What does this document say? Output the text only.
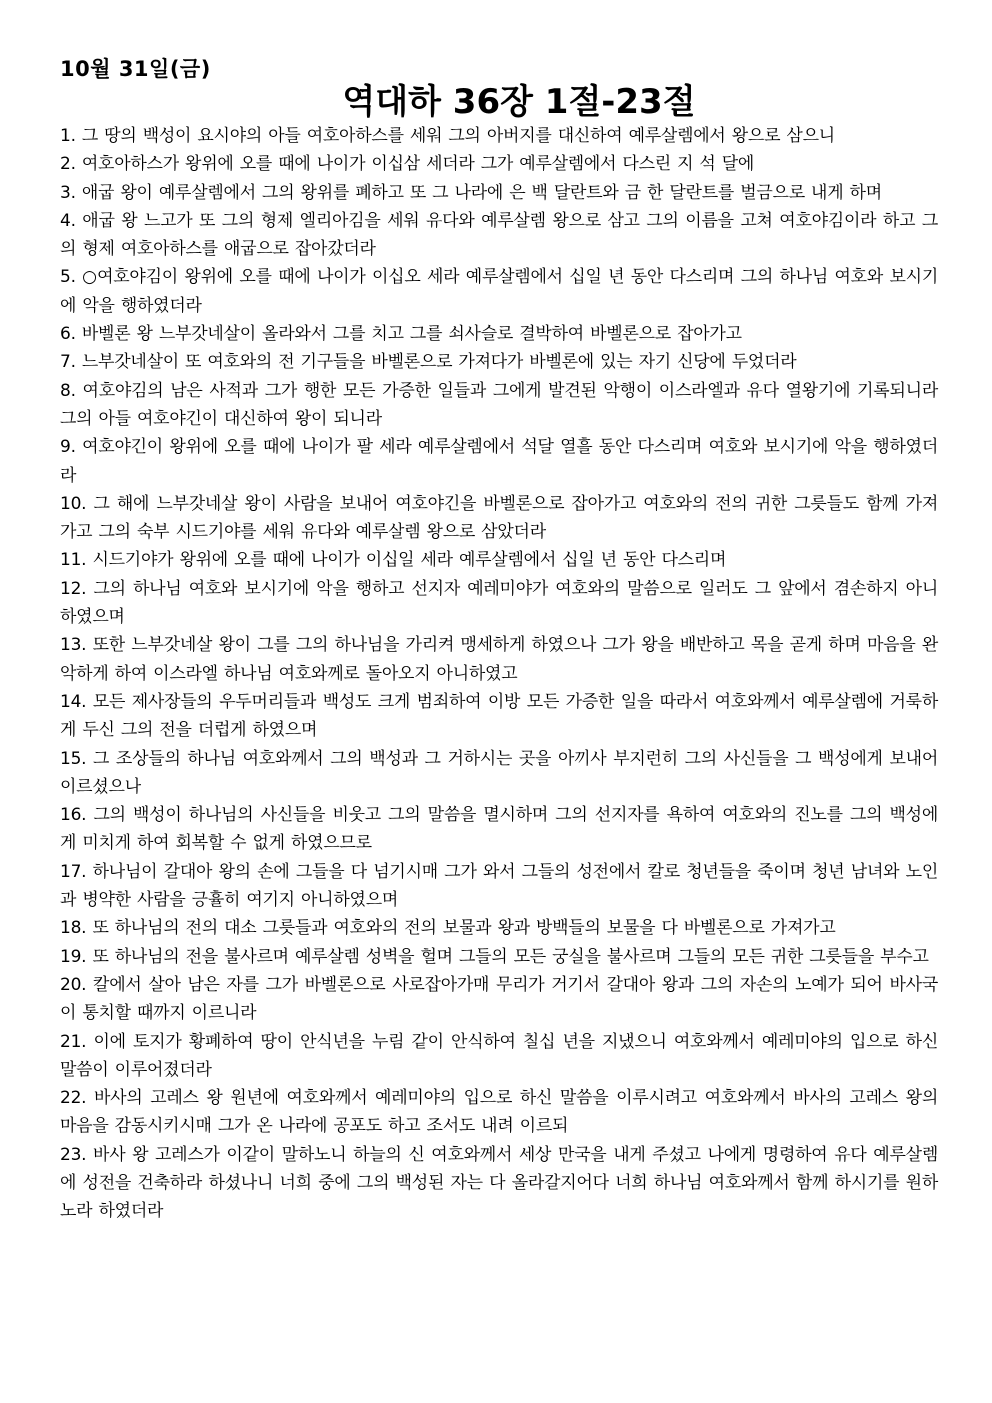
10월 31일(금)
역대하 36장 1절-23절
1. 그 땅의 백성이 요시야의 아들 여호아하스를 세워 그의 아버지를 대신하여 예루살렘에서 왕으로 삼으니
2. 여호아하스가 왕위에 오를 때에 나이가 이십삼 세더라 그가 예루살렘에서 다스린 지 석 달에
3. 애굽 왕이 예루살렘에서 그의 왕위를 폐하고 또 그 나라에 은 백 달란트와 금 한 달란트를 벌금으로 내게 하며
4. 애굽 왕 느고가 또 그의 형제 엘리아김을 세워 유다와 예루살렘 왕으로 삼고 그의 이름을 고쳐 여호야김이라 하고 그의 형제 여호아하스를 애굽으로 잡아갔더라
5. ○여호야김이 왕위에 오를 때에 나이가 이십오 세라 예루살렘에서 십일 년 동안 다스리며 그의 하나님 여호와 보시기에 악을 행하였더라
6. 바벨론 왕 느부갓네살이 올라와서 그를 치고 그를 쇠사슬로 결박하여 바벨론으로 잡아가고
7. 느부갓네살이 또 여호와의 전 기구들을 바벨론으로 가져다가 바벨론에 있는 자기 신당에 두었더라
8. 여호야김의 남은 사적과 그가 행한 모든 가증한 일들과 그에게 발견된 악행이 이스라엘과 유다 열왕기에 기록되니라 그의 아들 여호야긴이 대신하여 왕이 되니라
9. 여호야긴이 왕위에 오를 때에 나이가 팔 세라 예루살렘에서 석달 열흘 동안 다스리며 여호와 보시기에 악을 행하였더라
10. 그 해에 느부갓네살 왕이 사람을 보내어 여호야긴을 바벨론으로 잡아가고 여호와의 전의 귀한 그릇들도 함께 가져가고 그의 숙부 시드기야를 세워 유다와 예루살렘 왕으로 삼았더라
11. 시드기야가 왕위에 오를 때에 나이가 이십일 세라 예루살렘에서 십일 년 동안 다스리며
12. 그의 하나님 여호와 보시기에 악을 행하고 선지자 예레미야가 여호와의 말씀으로 일러도 그 앞에서 겸손하지 아니하였으며
13. 또한 느부갓네살 왕이 그를 그의 하나님을 가리켜 맹세하게 하였으나 그가 왕을 배반하고 목을 곧게 하며 마음을 완악하게 하여 이스라엘 하나님 여호와께로 돌아오지 아니하였고
14. 모든 제사장들의 우두머리들과 백성도 크게 범죄하여 이방 모든 가증한 일을 따라서 여호와께서 예루살렘에 거룩하게 두신 그의 전을 더럽게 하였으며
15. 그 조상들의 하나님 여호와께서 그의 백성과 그 거하시는 곳을 아끼사 부지런히 그의 사신들을 그 백성에게 보내어 이르셨으나
16. 그의 백성이 하나님의 사신들을 비웃고 그의 말씀을 멸시하며 그의 선지자를 욕하여 여호와의 진노를 그의 백성에게 미치게 하여 회복할 수 없게 하였으므로
17. 하나님이 갈대아 왕의 손에 그들을 다 넘기시매 그가 와서 그들의 성전에서 칼로 청년들을 죽이며 청년 남녀와 노인과 병약한 사람을 긍휼히 여기지 아니하였으며
18. 또 하나님의 전의 대소 그릇들과 여호와의 전의 보물과 왕과 방백들의 보물을 다 바벨론으로 가져가고
19. 또 하나님의 전을 불사르며 예루살렘 성벽을 헐며 그들의 모든 궁실을 불사르며 그들의 모든 귀한 그릇들을 부수고
20. 칼에서 살아 남은 자를 그가 바벨론으로 사로잡아가매 무리가 거기서 갈대아 왕과 그의 자손의 노예가 되어 바사국이 통치할 때까지 이르니라
21. 이에 토지가 황폐하여 땅이 안식년을 누림 같이 안식하여 칠십 년을 지냈으니 여호와께서 예레미야의 입으로 하신 말씀이 이루어졌더라
22. 바사의 고레스 왕 원년에 여호와께서 예레미야의 입으로 하신 말씀을 이루시려고 여호와께서 바사의 고레스 왕의 마음을 감동시키시매 그가 온 나라에 공포도 하고 조서도 내려 이르되
23. 바사 왕 고레스가 이같이 말하노니 하늘의 신 여호와께서 세상 만국을 내게 주셨고 나에게 명령하여 유다 예루살렘에 성전을 건축하라 하셨나니 너희 중에 그의 백성된 자는 다 올라갈지어다 너희 하나님 여호와께서 함께 하시기를 원하노라 하였더라
